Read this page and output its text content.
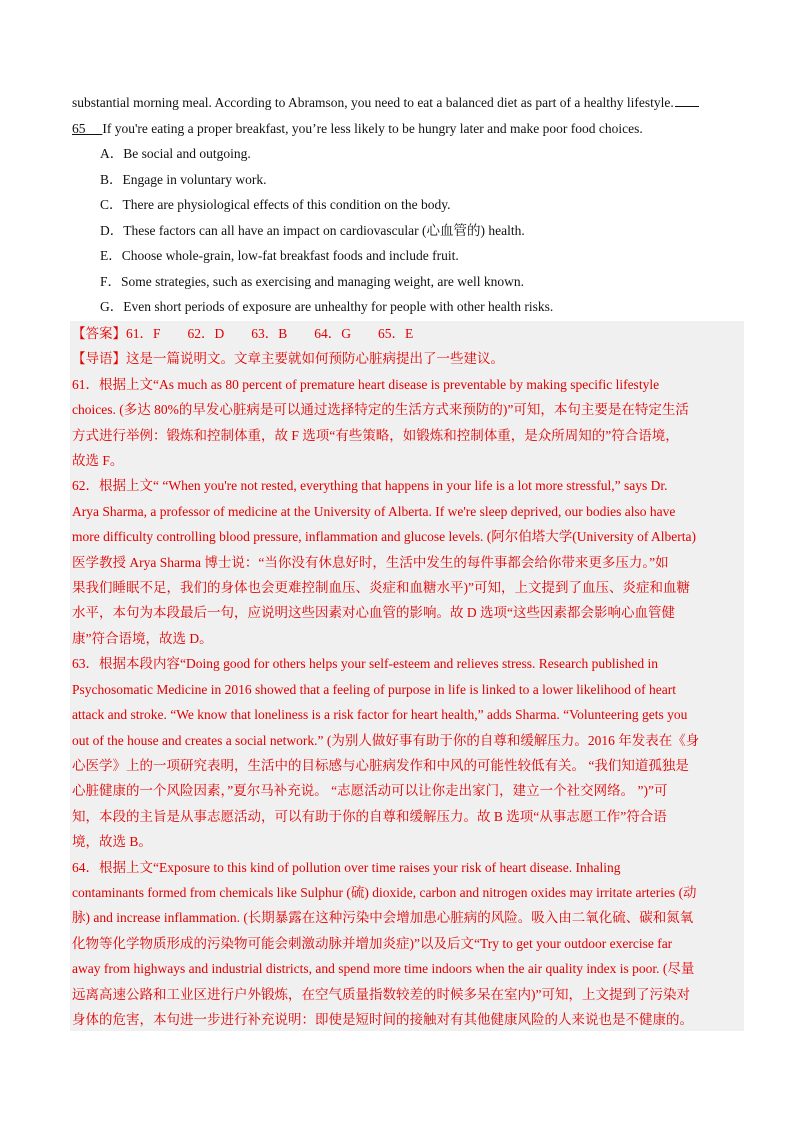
substantial morning meal. According to Abramson, you need to eat a balanced diet as part of a healthy lifestyle.
65 If you're eating a proper breakfast, you’re less likely to be hungry later and make poor food choices.
A．Be social and outgoing.
B．Engage in voluntary work.
C．There are physiological effects of this condition on the body.
D．These factors can all have an impact on cardiovascular (心血管的) health.
E．Choose whole-grain, low-fat breakfast foods and include fruit.
F．Some strategies, such as exercising and managing weight, are well known.
G．Even short periods of exposure are unhealthy for people with other health risks.
【答案】61．F　　62．D　　63．B　　64．G　　65．E
【导语】这是一篇说明文。文章主要就如何预防心脏病提出了一些建议。
61．根据上文“As much as 80 percent of premature heart disease is preventable by making specific lifestyle
choices. (多达 80%的早发心脏病是可以通过选择特定的生活方式来预防的)”可知，本句主要是在特定生活
方式进行举例：锻炼和控制体重，故 F 选项“有些策略，如锻炼和控制体重，是众所周知的”符合语境，
故选 F。
62．根据上文“ “When you're not rested, everything that happens in your life is a lot more stressful,” says Dr.
Arya Sharma, a professor of medicine at the University of Alberta. If we're sleep deprived, our bodies also have
more difficulty controlling blood pressure, inflammation and glucose levels. (阿尔伯塔大学(University of Alberta)
医学教授 Arya Sharma 博士说：“当你没有休息好时，生活中发生的每件事都会给你带来更多压力。”如
果我们睡眠不足，我们的身体也会更难控制血压、炎症和血糖水平)”可知，上文提到了血压、炎症和血糖
水平，本句为本段最后一句，应说明这些因素对心血管的影响。故 D 选项“这些因素都会影响心血管健
康”符合语境，故选 D。
63．根据本段内容“Doing good for others helps your self-esteem and relieves stress. Research published in
Psychosomatic Medicine in 2016 showed that a feeling of purpose in life is linked to a lower likelihood of heart
attack and stroke. “We know that loneliness is a risk factor for heart health,” adds Sharma. “Volunteering gets you
out of the house and creates a social network.” (为别人做好事有助于你的自尊和缓解压力。2016 年发表在《身
心医学》上的一项研究表明，生活中的目标感与心脏病发作和中风的可能性较低有关。 “我们知道孤独是
心脏健康的一个风险因素，”夏尔马补充说。 “志愿活动可以让你走出家门，建立一个社交网络。 ”)”可
知，本段的主旨是从事志愿活动，可以有助于你的自尊和缓解压力。故 B 选项“从事志愿工作”符合语
境，故选 B。
64．根据上文“Exposure to this kind of pollution over time raises your risk of heart disease. Inhaling
contaminants formed from chemicals like Sulphur (硫) dioxide, carbon and nitrogen oxides may irritate arteries (动
脉) and increase inflammation. (长期暴露在这种污染中会增加患心脏病的风险。吸入由二氧化硫、碳和氮氧
化物等化学物质形成的污染物可能会刺激动脉并增加炎症)”以及后文“Try to get your outdoor exercise far
away from highways and industrial districts, and spend more time indoors when the air quality index is poor. (尽量
远离高速公路和工业区进行户外锻炼，在空气质量指数较差的时候多呆在室内)”可知，上文提到了污染对
身体的危害，本句进一步进行补充说明：即使是短时间的接触对有其他健康风险的人来说也是不健康的。
